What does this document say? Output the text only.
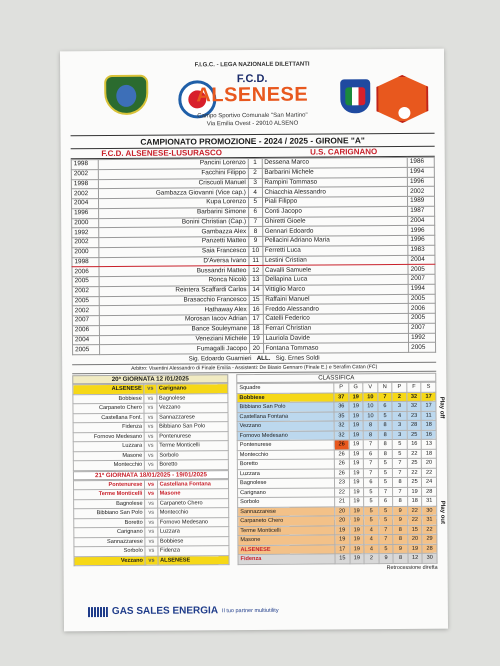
F.I.G.C. - LEGA NAZIONALE DILETTANTI
F.C.D.
ALSENESE
Campo Sportivo Comunale "San Martino"
Via Emilia Ovest - 29010 ALSENO
CAMPIONATO PROMOZIONE - 2024 / 2025 - GIRONE "A"
F.C.D. ALSENESE-LUSURASCO	U.S. CARIGNANO
1998	Pancini Lorenzo	1	Dessena Marco	1986
2002	Facchini Filippo	2	Barbarini Michele	1994
1998	Criscuoli Manuel	3	Rampini Tommaso	1996
2002	Gambazza Giovanni (Vice cap.)	4	Chiacchia Alessandro	2002
2004	Kupa Lorenzo	5	Piali Filippo	1989
1996	Barbarini Simone	6	Conti Jacopo	1987
2000	Bonini Christian (Cap.)	7	Ghiretti Gioele	2004
1992	Gambazza Alex	8	Gennari Edoardo	1996
2002	Panzetti Matteo	9	Pellacini Adriano Maria	1996
2000	Saia Francesco	10	Ferretti Luca	1983
1998	D'Aversa Ivano	11	Lestini Cristian	2004
2006	Bussandri Matteo	12	Cavalli Samuele	2005
2005	Ronca Nicolò	13	Dellapina Luca	2007
2002	Reintera Scaffardi Carlos	14	Vittiglio Marco	1994
2005	Brasacchio Francesco	15	Raffaini Manuel	2005
2002	Hathaway Alex	16	Freddo Alessandro	2006
2007	Morosan Iacov Adrian	17	Catelli Federico	2005
2006	Bance Souleymane	18	Ferrari Christian	2007
2004	Veneziani Michele	19	Lauriola Davide	1992
2005	Fumagalli Jacopo	20	Fontana Tommaso	2005
Sig. Edoardo Guarnieri ALL. Sig. Ernes Soldi
Arbitro: Visentini Alessandro di Finale Emilia - Assistenti: De Biasio Gennaro (Finale E.) e Serafim Catan (FC)
20ª GIORNATA 12 /01/2025
ALSENESE	vs	Carignano
Bobbiese	vs	Bagnolese
Carpaneto Chero	vs	Vezzano
Castellana Font.	vs	Sannazzarese
Fidenza	vs	Bibbiano San Polo
Fornovo Medesano	vs	Pontenurese
Luzzara	vs	Terme Monticelli
Masone	vs	Sorbolo
Montecchio	vs	Boretto
21ª GIORNATA 18/01/2025 - 19/01/2025
Pontenurese	vs	Castellana Fontana
Terme Monticelli	vs	Masone
Bagnolese	vs	Carpaneto Chero
Bibbiano San Polo	vs	Montecchio
Boretto	vs	Fornovo Medesano
Carignano	vs	Luzzara
Sannazzarese	vs	Bobbiese
Sorbolo	vs	Fidenza
Vezzano	vs	ALSENESE
CLASSIFICA
Squadre	P	G	V	N	P	F	S
Bobbiese	37	19	10	7	2	32	17
Bibbiano San Polo	36	19	10	6	3	32	17
Castellana Fontana	35	19	10	5	4	23	11
Vezzano	32	19	8	8	3	28	18
Fornovo Medesano	32	19	8	8	3	25	16
Pontenurese	26	19	7	8	5	16	13
Montecchio	26	19	6	8	5	22	18
Boretto	26	19	7	5	7	25	20
Luzzara	26	19	7	5	7	22	22
Bagnolese	23	19	6	5	8	25	24
Carignano	22	19	5	7	7	19	28
Sorbolo	21	19	5	6	8	18	31
Sannazzarese	20	19	5	5	9	22	30
Carpaneto Chero	20	19	5	5	9	22	31
Terme Monticelli	19	19	4	7	8	15	22
Masone	19	19	4	7	8	20	29
ALSENESE	17	19	4	5	9	19	28
Fidenza	15	19	2	9	8	12	30
Retrocessione diretta
Play off
Play out
GAS SALES ENERGIA Il tuo partner multiutility
